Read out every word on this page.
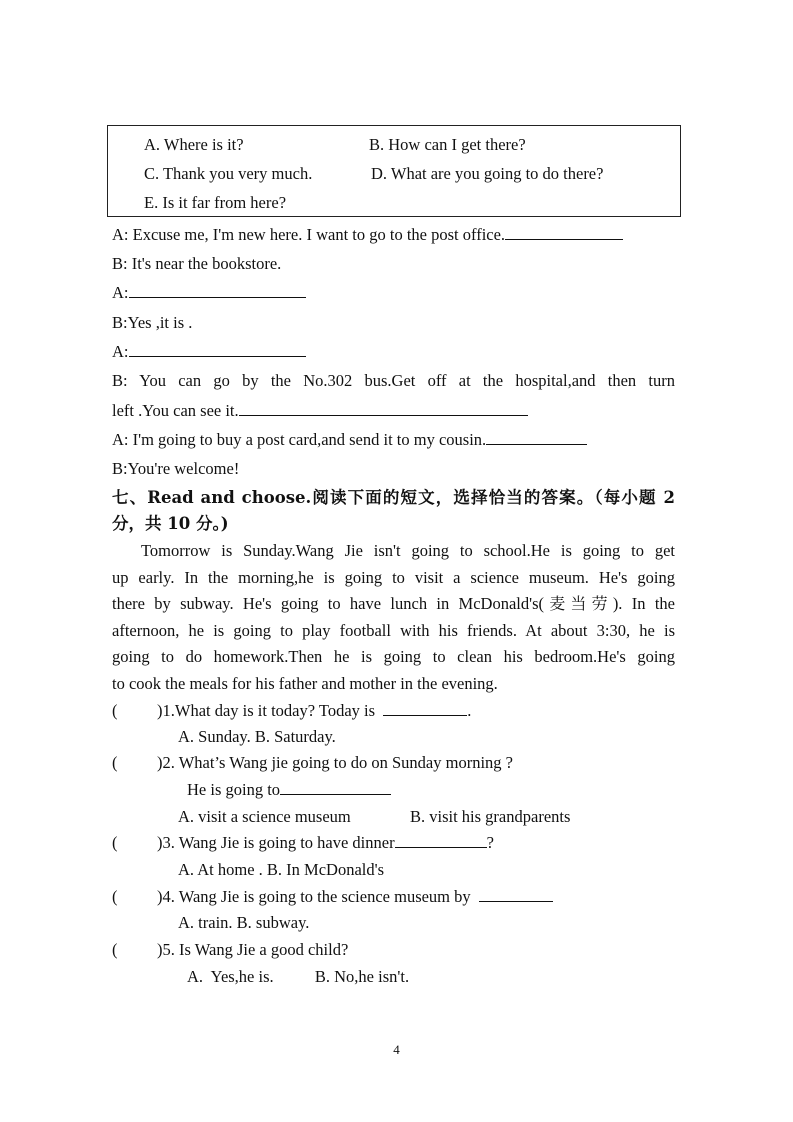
A. Where is it?	B. How can I get there?
C. Thank you very much.	D. What are you going to do there?
E. Is it far from here?
A: Excuse me, I'm new here. I want to go to the post office.
B: It's near the bookstore.
A:
B:Yes ,it is .
A:
B: You can go by the No.302 bus.Get off at the hospital,and then turn
left .You can see it.
A: I'm going to buy a post card,and send it to my cousin.
B:You're welcome!
七、Read and choose.阅读下面的短文，选择恰当的答案。（每小题 2
分，共 10 分。)
Tomorrow is Sunday.Wang Jie isn't going to school.He is going to get
up early. In the morning,he is going to visit a science museum. He's going
there by subway. He's going to have lunch in McDonald's(麦当劳). In the
afternoon, he is going to play football with his friends. At about 3:30, he is
going to do homework.Then he is going to clean his bedroom.He's going
to cook the meals for his father and mother in the evening.
( )1.What day is it today? Today is	.
A. Sunday. B. Saturday.
( )2. What’s Wang jie going to do on Sunday morning ?
He is going to
A. visit a science museum	B. visit his grandparents
( )3. Wang Jie is going to have dinner	?
A. At home . B. In McDonald's
( )4. Wang Jie is going to the science museum by
A. train. B. subway.
( )5. Is Wang Jie a good child?
A.  Yes,he is.          B. No,he isn't.
4
